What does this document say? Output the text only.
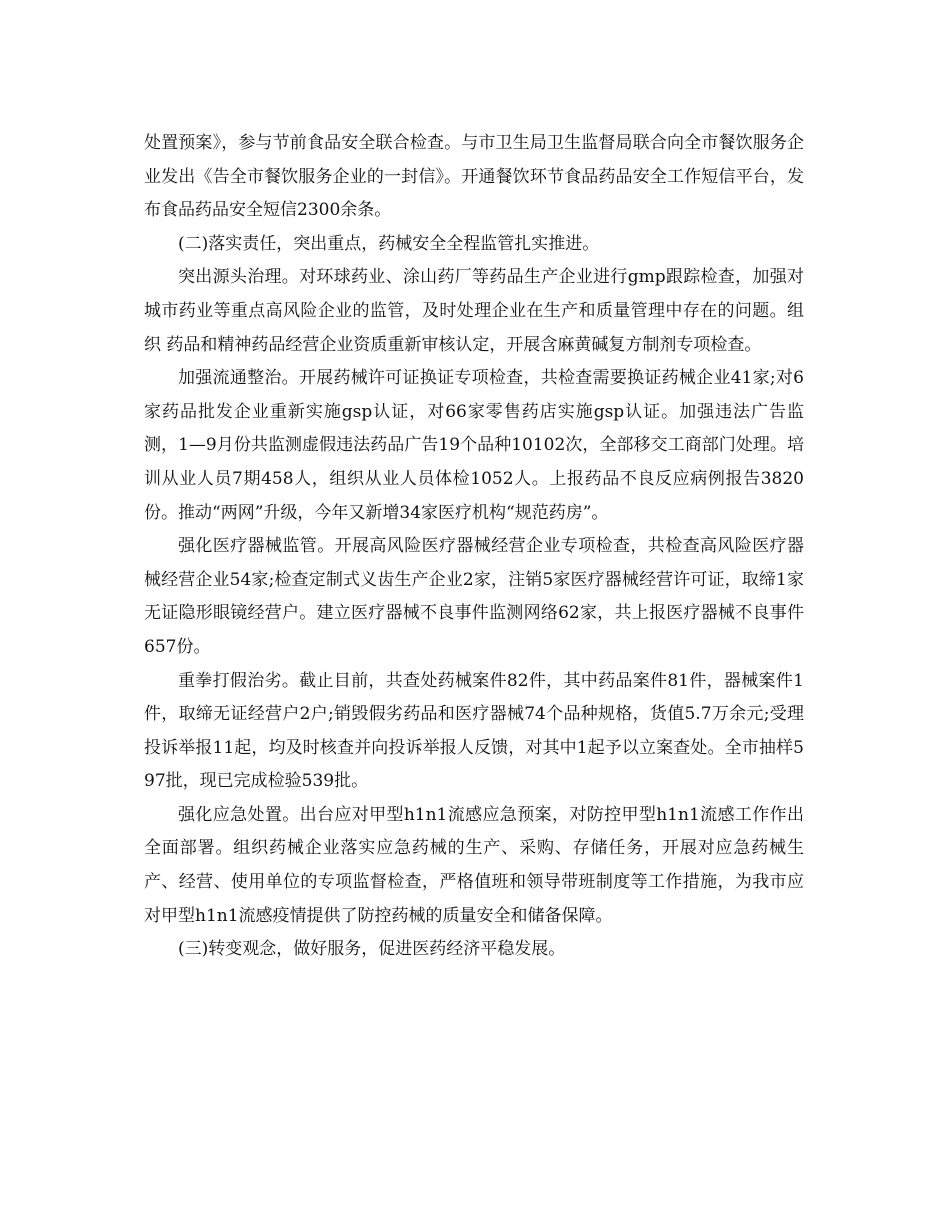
处置预案》，参与节前食品安全联合检查。与市卫生局卫生监督局联合向全市餐饮服务企业发出《告全市餐饮服务企业的一封信》。开通餐饮环节食品药品安全工作短信平台，发布食品药品安全短信2300余条。

(二)落实责任，突出重点，药械安全全程监管扎实推进。

突出源头治理。对环球药业、涂山药厂等药品生产企业进行gmp跟踪检查，加强对城市药业等重点高风险企业的监管，及时处理企业在生产和质量管理中存在的问题。组织 药品和精神药品经营企业资质重新审核认定，开展含麻黄碱复方制剂专项检查。

加强流通整治。开展药械许可证换证专项检查，共检查需要换证药械企业41家;对6家药品批发企业重新实施gsp认证，对66家零售药店实施gsp认证。加强违法广告监测，1—9月份共监测虚假违法药品广告19个品种10102次，全部移交工商部门处理。培训从业人员7期458人，组织从业人员体检1052人。上报药品不良反应病例报告3820份。推动“两网”升级，今年又新增34家医疗机构“规范药房”。

强化医疗器械监管。开展高风险医疗器械经营企业专项检查，共检查高风险医疗器械经营企业54家;检查定制式义齿生产企业2家，注销5家医疗器械经营许可证，取缔1家无证隐形眼镜经营户。建立医疗器械不良事件监测网络62家，共上报医疗器械不良事件657份。

重拳打假治劣。截止目前，共查处药械案件82件，其中药品案件81件，器械案件1件，取缔无证经营户2户;销毁假劣药品和医疗器械74个品种规格，货值5.7万余元;受理投诉举报11起，均及时核查并向投诉举报人反馈，对其中1起予以立案查处。全市抽样597批，现已完成检验539批。

强化应急处置。出台应对甲型h1n1流感应急预案，对防控甲型h1n1流感工作作出全面部署。组织药械企业落实应急药械的生产、采购、存储任务，开展对应急药械生产、经营、使用单位的专项监督检查，严格值班和领导带班制度等工作措施，为我市应对甲型h1n1流感疫情提供了防控药械的质量安全和储备保障。

(三)转变观念，做好服务，促进医药经济平稳发展。
